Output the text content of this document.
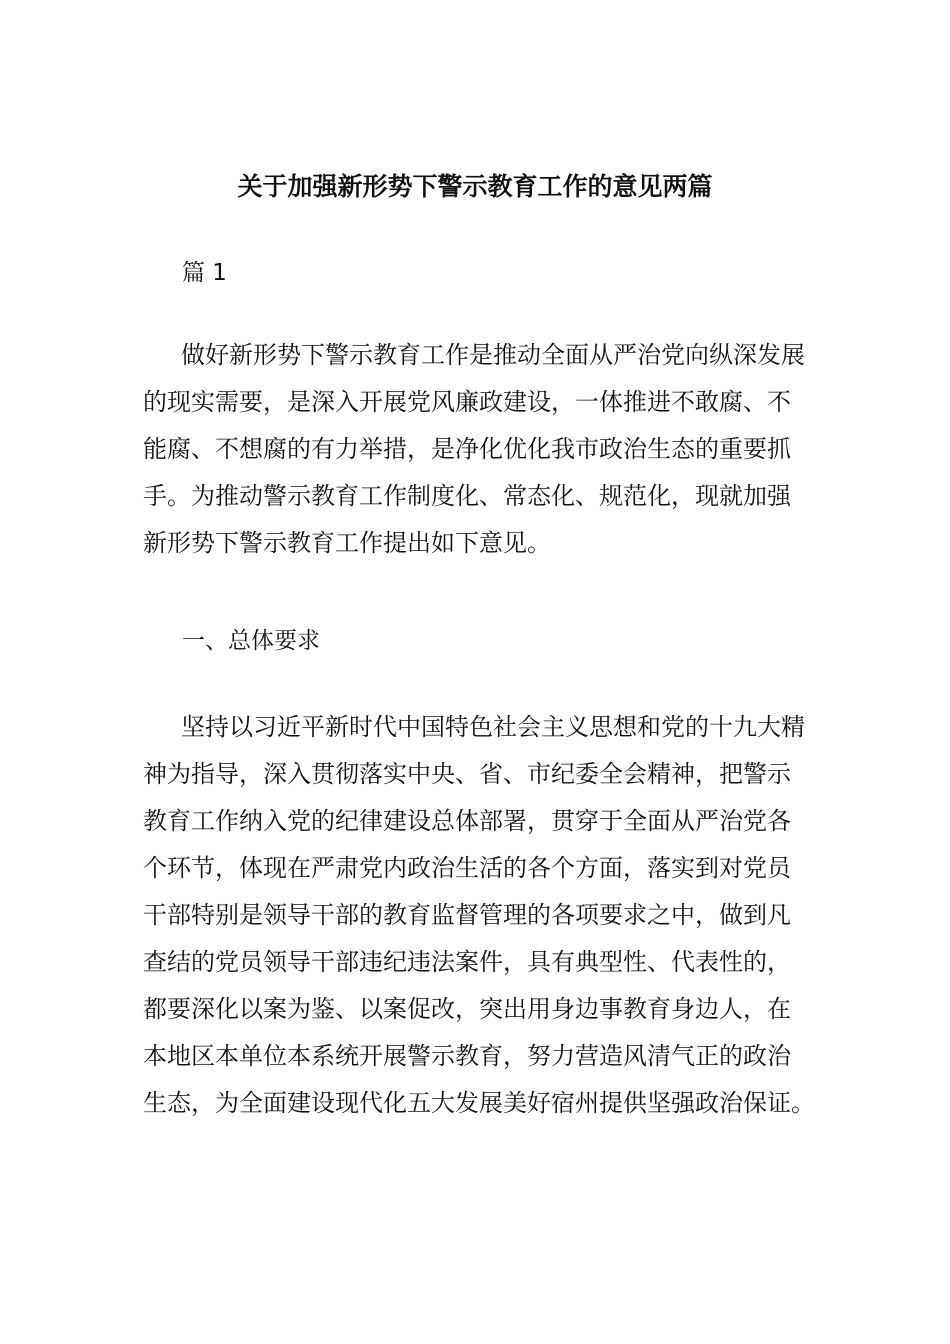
关于加强新形势下警示教育工作的意见两篇
篇 1
做好新形势下警示教育工作是推动全面从严治党向纵深发展
的现实需要，是深入开展党风廉政建设，一体推进不敢腐、不
能腐、不想腐的有力举措，是净化优化我市政治生态的重要抓
手。为推动警示教育工作制度化、常态化、规范化，现就加强
新形势下警示教育工作提出如下意见。
一、总体要求
坚持以习近平新时代中国特色社会主义思想和党的十九大精
神为指导，深入贯彻落实中央、省、市纪委全会精神，把警示
教育工作纳入党的纪律建设总体部署，贯穿于全面从严治党各
个环节，体现在严肃党内政治生活的各个方面，落实到对党员
干部特别是领导干部的教育监督管理的各项要求之中，做到凡
查结的党员领导干部违纪违法案件，具有典型性、代表性的，
都要深化以案为鉴、以案促改，突出用身边事教育身边人，在
本地区本单位本系统开展警示教育，努力营造风清气正的政治
生态，为全面建设现代化五大发展美好宿州提供坚强政治保证。
